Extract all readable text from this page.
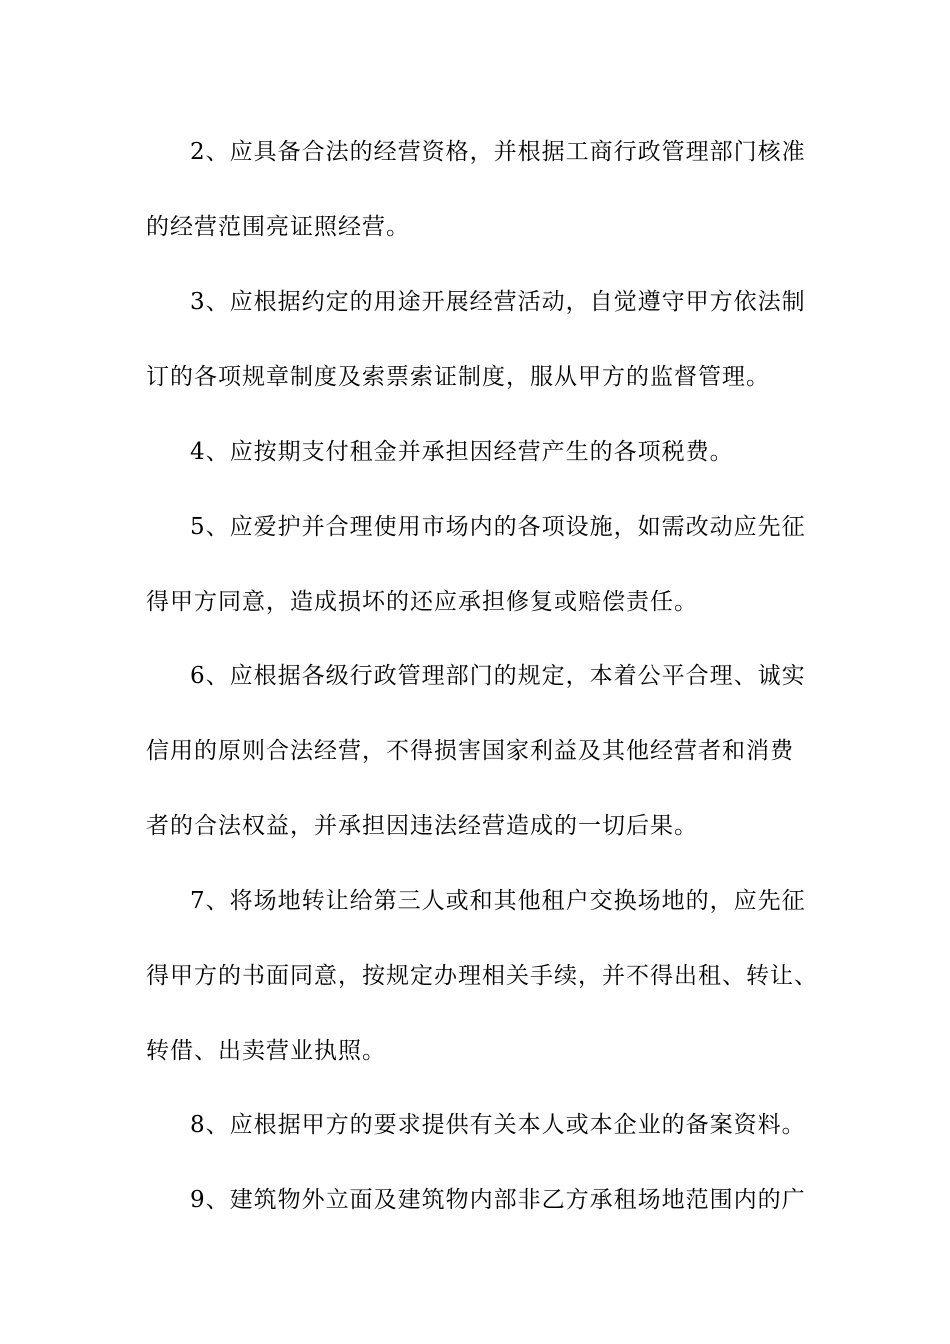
2、应具备合法的经营资格，并根据工商行政管理部门核准
的经营范围亮证照经营。
3、应根据约定的用途开展经营活动，自觉遵守甲方依法制
订的各项规章制度及索票索证制度，服从甲方的监督管理。
4、应按期支付租金并承担因经营产生的各项税费。
5、应爱护并合理使用市场内的各项设施，如需改动应先征
得甲方同意，造成损坏的还应承担修复或赔偿责任。
6、应根据各级行政管理部门的规定，本着公平合理、诚实
信用的原则合法经营，不得损害国家利益及其他经营者和消费
者的合法权益，并承担因违法经营造成的一切后果。
7、将场地转让给第三人或和其他租户交换场地的，应先征
得甲方的书面同意，按规定办理相关手续，并不得出租、转让、
转借、出卖营业执照。
8、应根据甲方的要求提供有关本人或本企业的备案资料。
9、建筑物外立面及建筑物内部非乙方承租场地范围内的广
